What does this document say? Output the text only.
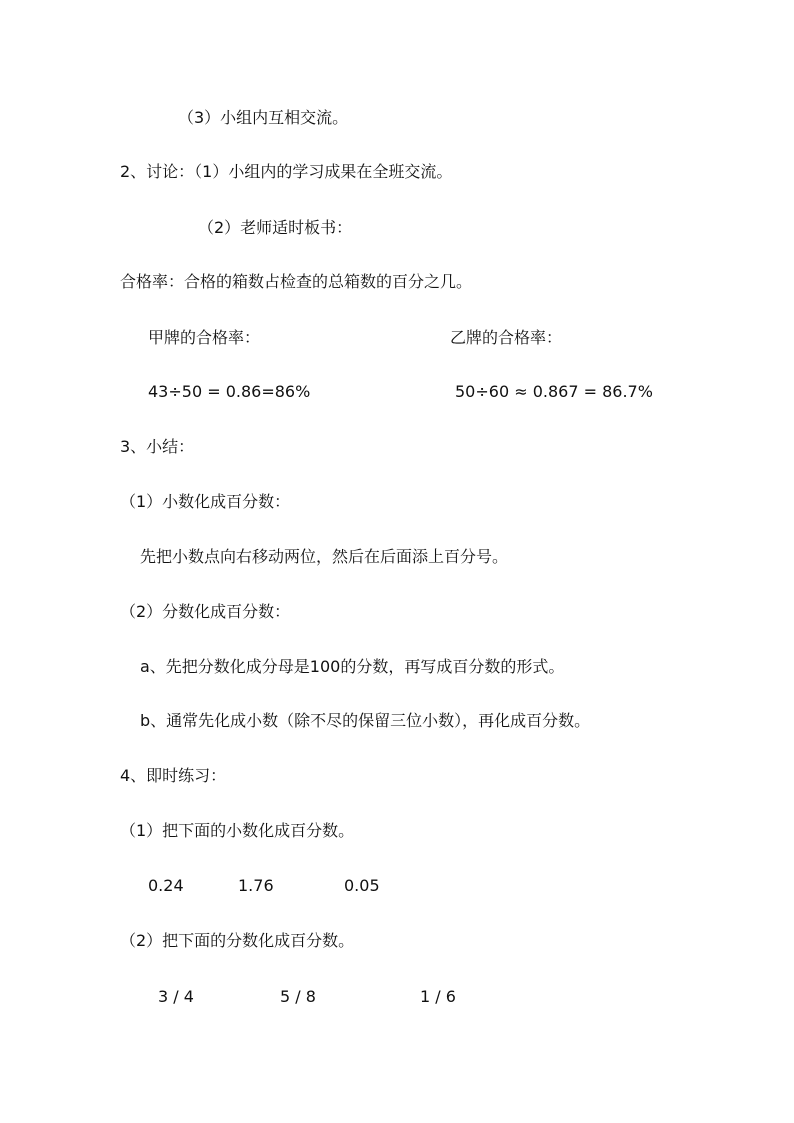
（3）小组内互相交流。
2、讨论：（1）小组内的学习成果在全班交流。
（2）老师适时板书：
合格率：合格的箱数占检查的总箱数的百分之几。
甲牌的合格率：	乙牌的合格率：
43÷50 = 0.86=86%	50÷60 ≈ 0.867 = 86.7%
3、小结：
（1）小数化成百分数：
先把小数点向右移动两位，然后在后面添上百分号。
（2）分数化成百分数：
a、先把分数化成分母是100的分数，再写成百分数的形式。
b、通常先化成小数（除不尽的保留三位小数），再化成百分数。
4、即时练习：
（1）把下面的小数化成百分数。
0.24	1.76	0.05
（2）把下面的分数化成百分数。
3 / 4	5 / 8	1 / 6
